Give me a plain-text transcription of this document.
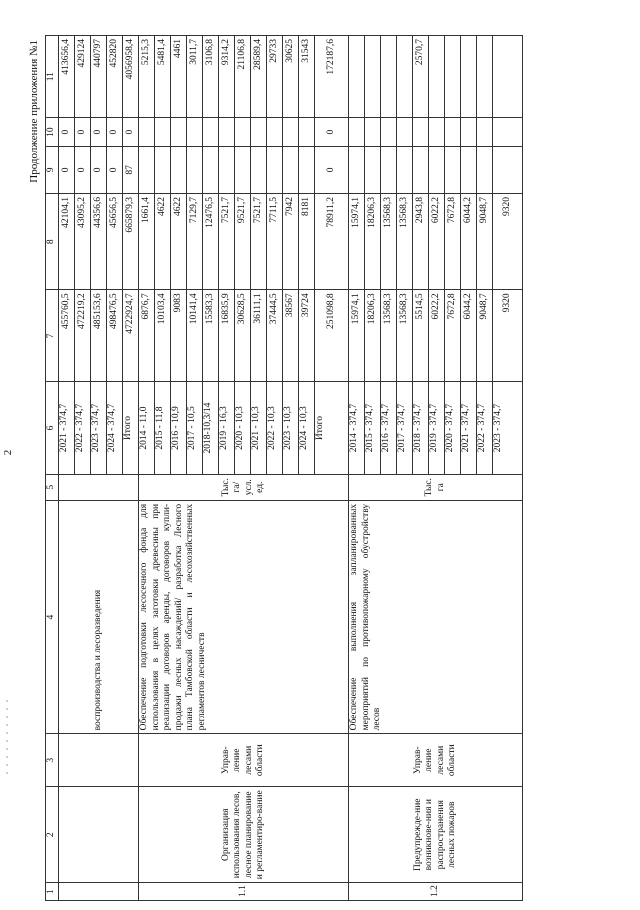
2
Продолжение приложения №1
1	2	3	4	5	6	7	8	9	10	11
			воспроизводства и лесоразведения		2021 - 374,7	455760,5	42104,1	0	0	413656,4
					2022 - 374,7	472219,2	43095,2	0	0	429124
					2023 - 374,7	485153,6	44356,6	0	0	440797
					2024 - 374,7	498476,5	45656,5	0	0	452820
					Итого	4722924,7	665879,3	87	0	4056958,4
1.1	Организация использования лесов, лесное планирование и регламентиро-вание	Управ-ление лесами области	Обеспечение подготовки лесосечного фонда для использования в целях заготовки древесины при реализации договоров аренды, договоров купли-продажи лесных насаждений/ разработка Лесного плана Тамбовской области и лесохозяйственных регламентов лесничеств	Тыс. га/ усл. ед.	2014 - 11,0	6876,7	1661,4			5215,3
					2015 - 11,8	10103,4	4622			5481,4
					2016 - 10,9	9083	4622			4461
					2017 - 10,5	10141,4	7129,7			3011,7
					2018-10,3/14	15583,3	12476,5			3106,8
					2019 - 16,3	16835,9	7521,7			9314,2
					2020 - 10,3	30628,5	9521,7			21106,8
					2021 - 10,3	36111,1	7521,7			28589,4
					2022 - 10,3	37444,5	7711,5			29733
					2023 - 10,3	38567	7942			30625
					2024 - 10,3	39724	8181			31543
					Итого	251098,8	78911,2	0	0	172187,6
1.2	Предупрежде-ние возникнове-ния и распространения лесных пожаров	Управ-ление лесами области	Обеспечение выполнения запланированных мероприятий по противопожарному обустройству лесов	Тыс. га	2014 - 374,7	15974,1	15974,1			
					2015 - 374,7	18206,3	18206,3			
					2016 - 374,7	13568,3	13568,3			
					2017 - 374,7	13568,3	13568,3			
					2018 - 374,7	5514,5	2943,8			2570,7
					2019 - 374,7	6022,2	6022,2			
					2020 - 374,7	7672,8	7672,8			
					2021 - 374,7	6044,2	6044,2			
					2022 - 374,7	9048,7	9048,7			
					2023 - 374,7	9320	9320			
